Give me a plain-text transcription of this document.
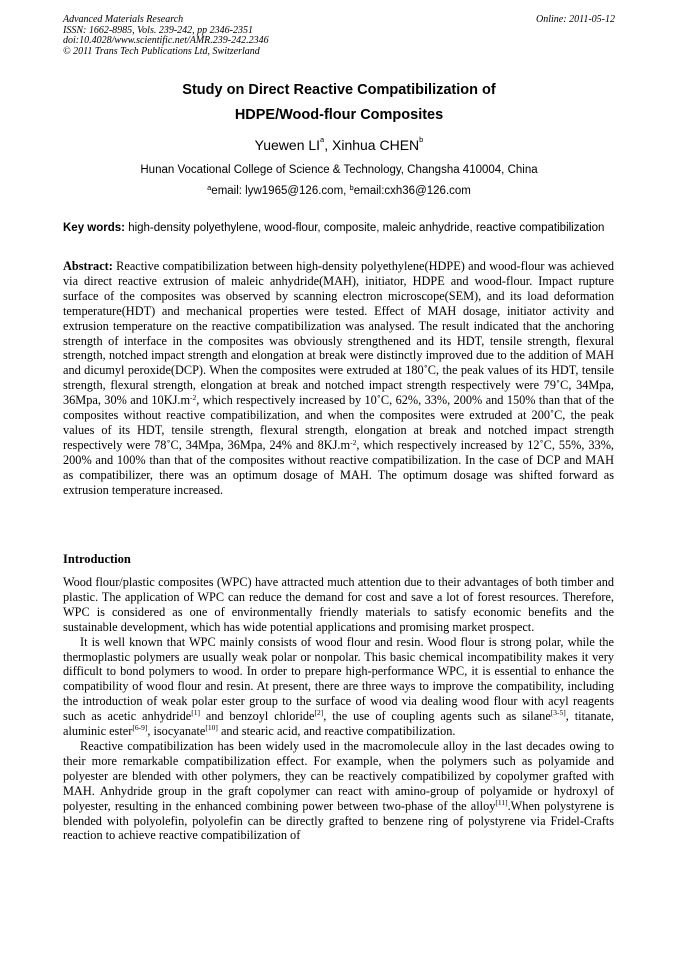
Advanced Materials Research
ISSN: 1662-8985, Vols. 239-242, pp 2346-2351
doi:10.4028/www.scientific.net/AMR.239-242.2346
© 2011 Trans Tech Publications Ltd, Switzerland
Online: 2011-05-12
Study on Direct Reactive Compatibilization of
HDPE/Wood-flour Composites
Yuewen $LI^a$, Xinhua CHEN$^b$
Hunan Vocational College of Science & Technology, Changsha 410004, China
$^a$email: lyw1965@126.com, $^b$email:cxh36@126.com
Key words: high-density polyethylene, wood-flour, composite, maleic anhydride, reactive compatibilization
Abstract: Reactive compatibilization between high-density polyethylene(HDPE) and wood-flour was achieved via direct reactive extrusion of maleic anhydride(MAH), initiator, HDPE and wood-flour. Impact rupture surface of the composites was observed by scanning electron microscope(SEM), and its load deformation temperature(HDT) and mechanical properties were tested. Effect of MAH dosage, initiator activity and extrusion temperature on the reactive compatibilization was analysed. The result indicated that the anchoring strength of interface in the composites was obviously strengthened and its HDT, tensile strength, flexural strength, notched impact strength and elongation at break were distinctly improved due to the addition of MAH and dicumyl peroxide(DCP). When the composites were extruded at 180˚C, the peak values of its HDT, tensile strength, flexural strength, elongation at break and notched impact strength respectively were 79˚C, 34Mpa, 36Mpa, 30% and $10KJ.m^{-2}$, which respectively increased by 10˚C, 62%, 33%, 200% and 150% than that of the composites without reactive compatibilization, and when the composites were extruded at 200˚C, the peak values of its HDT, tensile strength, flexural strength, elongation at break and notched impact strength respectively were 78˚C, 34Mpa, 36Mpa, 24% and $8KJ.m^{-2}$, which respectively increased by 12˚C, 55%, 33%, 200% and 100% than that of the composites without reactive compatibilization. In the case of DCP and MAH as compatibilizer, there was an optimum dosage of MAH. The optimum dosage was shifted forward as extrusion temperature increased.
Introduction

Wood flour/plastic composites (WPC) have attracted much attention due to their advantages of both timber and plastic. The application of WPC can reduce the demand for cost and save a lot of forest resources. Therefore, WPC is considered as one of environmentally friendly materials to satisfy economic benefits and the sustainable development, which has wide potential applications and promising market prospect.

It is well known that WPC mainly consists of wood flour and resin. Wood flour is strong polar, while the thermoplastic polymers are usually weak polar or nonpolar. This basic chemical incompatibility makes it very difficult to bond polymers to wood. In order to prepare high-performance WPC, it is essential to enhance the compatibility of wood flour and resin. At present, there are three ways to improve the compatibility, including the introduction of weak polar ester group to the surface of wood via dealing wood flour with acyl reagents such as acetic anhydride[1] and benzoyl chloride[2], the use of coupling agents such as silane[3-5], titanate, aluminic ester[6-9], isocyanate[10] and stearic acid, and reactive compatibilization.

Reactive compatibilization has been widely used in the macromolecule alloy in the last decades owing to their more remarkable compatibilization effect. For example, when the polymers such as polyamide and polyester are blended with other polymers, they can be reactively compatibilized by copolymer grafted with MAH. Anhydride group in the graft copolymer can react with amino-group of polyamide or hydroxyl of polyester, resulting in the enhanced combining power between two-phase of the alloy[11].When polystyrene is blended with polyolefin, polyolefin can be directly grafted to benzene ring of polystyrene via Fridel-Crafts reaction to achieve reactive compatibilization of
